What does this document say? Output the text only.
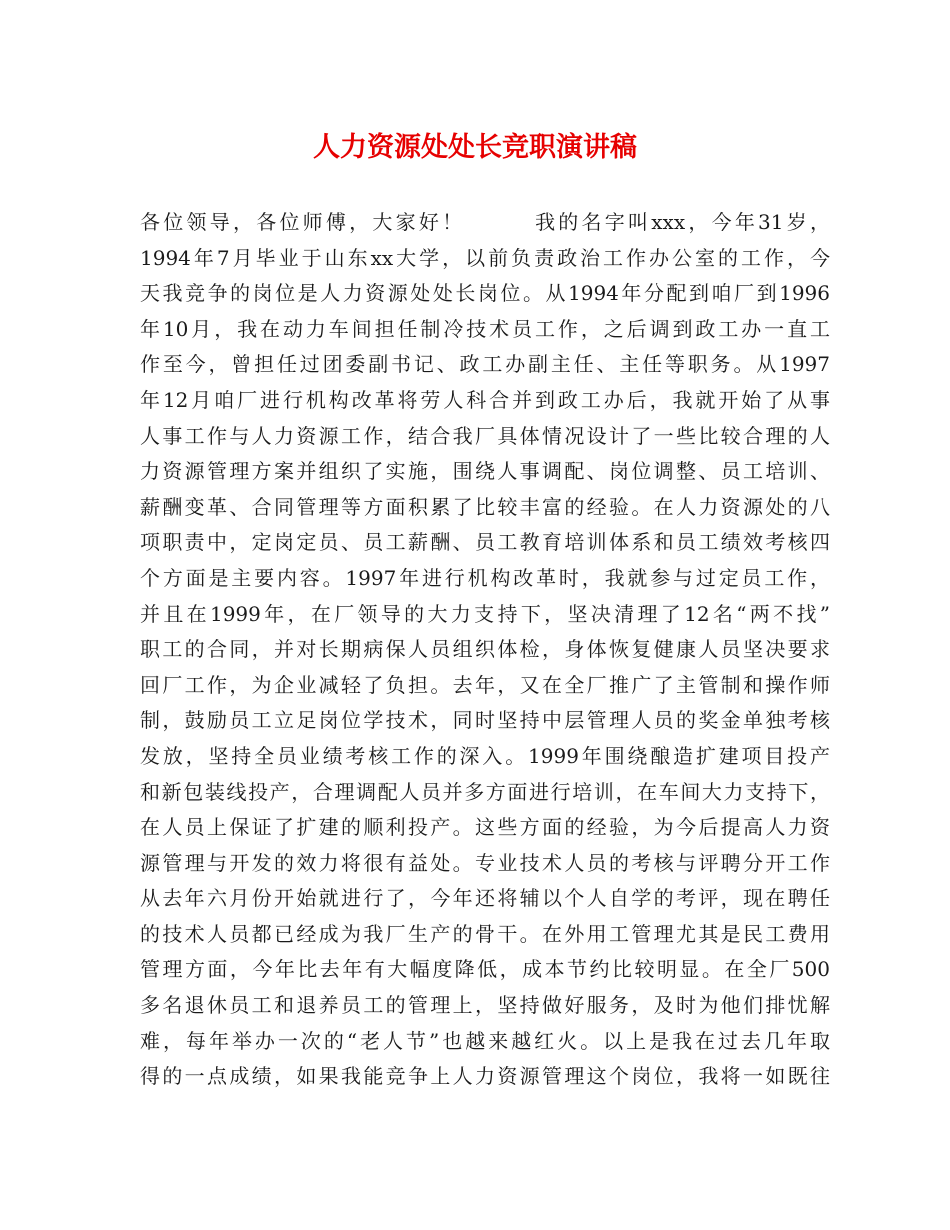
人力资源处处长竞职演讲稿
各位领导，各位师傅，大家好！　　　我的名字叫xxx，今年31岁，
1994年7月毕业于山东xx大学，以前负责政治工作办公室的工作，今
天我竞争的岗位是人力资源处处长岗位。从1994年分配到咱厂到1996
年10月，我在动力车间担任制冷技术员工作，之后调到政工办一直工
作至今，曾担任过团委副书记、政工办副主任、主任等职务。从1997
年12月咱厂进行机构改革将劳人科合并到政工办后，我就开始了从事
人事工作与人力资源工作，结合我厂具体情况设计了一些比较合理的人
力资源管理方案并组织了实施，围绕人事调配、岗位调整、员工培训、
薪酬变革、合同管理等方面积累了比较丰富的经验。在人力资源处的八
项职责中，定岗定员、员工薪酬、员工教育培训体系和员工绩效考核四
个方面是主要内容。1997年进行机构改革时，我就参与过定员工作，
并且在1999年，在厂领导的大力支持下，坚决清理了12名“两不找”
职工的合同，并对长期病保人员组织体检，身体恢复健康人员坚决要求
回厂工作，为企业减轻了负担。去年，又在全厂推广了主管制和操作师
制，鼓励员工立足岗位学技术，同时坚持中层管理人员的奖金单独考核
发放，坚持全员业绩考核工作的深入。1999年围绕酿造扩建项目投产
和新包装线投产，合理调配人员并多方面进行培训，在车间大力支持下，
在人员上保证了扩建的顺利投产。这些方面的经验，为今后提高人力资
源管理与开发的效力将很有益处。专业技术人员的考核与评聘分开工作
从去年六月份开始就进行了，今年还将辅以个人自学的考评，现在聘任
的技术人员都已经成为我厂生产的骨干。在外用工管理尤其是民工费用
管理方面，今年比去年有大幅度降低，成本节约比较明显。在全厂500
多名退休员工和退养员工的管理上，坚持做好服务，及时为他们排忧解
难，每年举办一次的“老人节”也越来越红火。以上是我在过去几年取
得的一点成绩，如果我能竞争上人力资源管理这个岗位，我将一如既往
